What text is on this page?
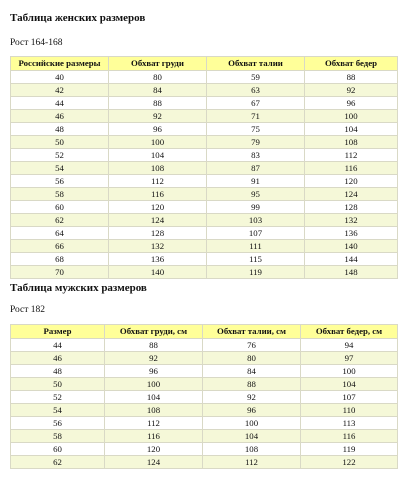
Таблица женских размеров

Рост 164-168

Российские размеры	Обхват груди	Обхват талии	Обхват бедер
40	80	59	88
42	84	63	92
44	88	67	96
46	92	71	100
48	96	75	104
50	100	79	108
52	104	83	112
54	108	87	116
56	112	91	120
58	116	95	124
60	120	99	128
62	124	103	132
64	128	107	136
66	132	111	140
68	136	115	144
70	140	119	148
Таблица мужских размеров

Рост 182

Размер	Обхват груди, см	Обхват талии, см	Обхват бедер, см
44	88	76	94
46	92	80	97
48	96	84	100
50	100	88	104
52	104	92	107
54	108	96	110
56	112	100	113
58	116	104	116
60	120	108	119
62	124	112	122
